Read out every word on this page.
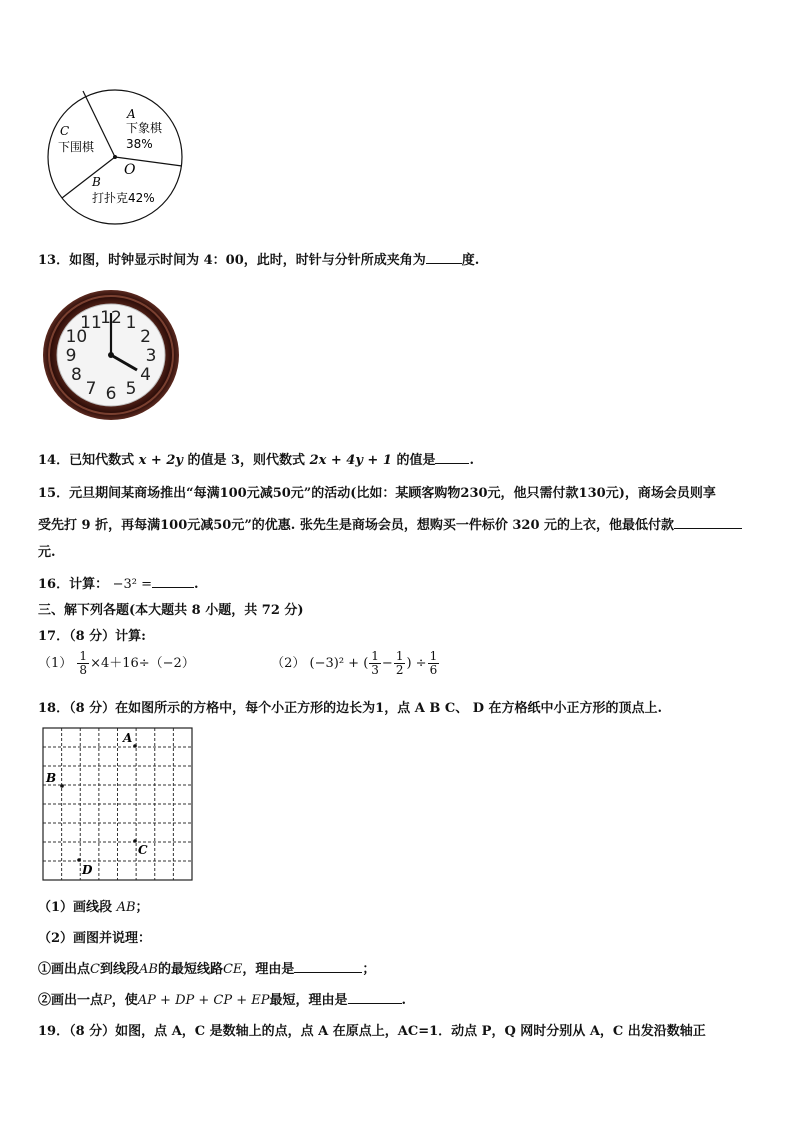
A
下象棋
38%
C
下围棋
O
B
打扑克42%
13．如图，时钟显示时间为 4：00，此时，时针与分针所成夹角为	度.
12 1
2
3
4
5
6
7
8
9
10
11
14．已知代数式 x + 2y 的值是 3，则代数式 2x + 4y + 1 的值是	.
15．元旦期间某商场推出“每满100元减50元”的活动(比如：某顾客购物230元，他只需付款130元)，商场会员则享
受先打 9 折，再每满100元减50元”的优惠. 张先生是商场会员，想购买一件标价 320 元的上衣，他最低付款
元.
16．计算： −3² =	.
三、解下列各题(本大题共 8 小题，共 72 分)
17．（8 分）计算:
$(1) \frac{1}{8} \times 4+16\div(-2)$	（2） (−3)² + ( $\frac{1}{3} - \frac{1}{2}$ ) ÷ $\frac{1}{6}$
18．（8 分）在如图所示的方格中，每个小正方形的边长为1，点 A B C、 D 在方格纸中小正方形的顶点上.
A
B
C
D
（1）画线段 AB；
（2）画图并说理：
①画出点C到线段AB的最短线路CE，理由是	；
②画出一点P，使AP + DP + CP + EP最短，理由是	.
19．（8 分）如图，点 A，C 是数轴上的点，点 A 在原点上，AC=1．动点 P，Q 网时分别从 A，C 出发沿数轴正
